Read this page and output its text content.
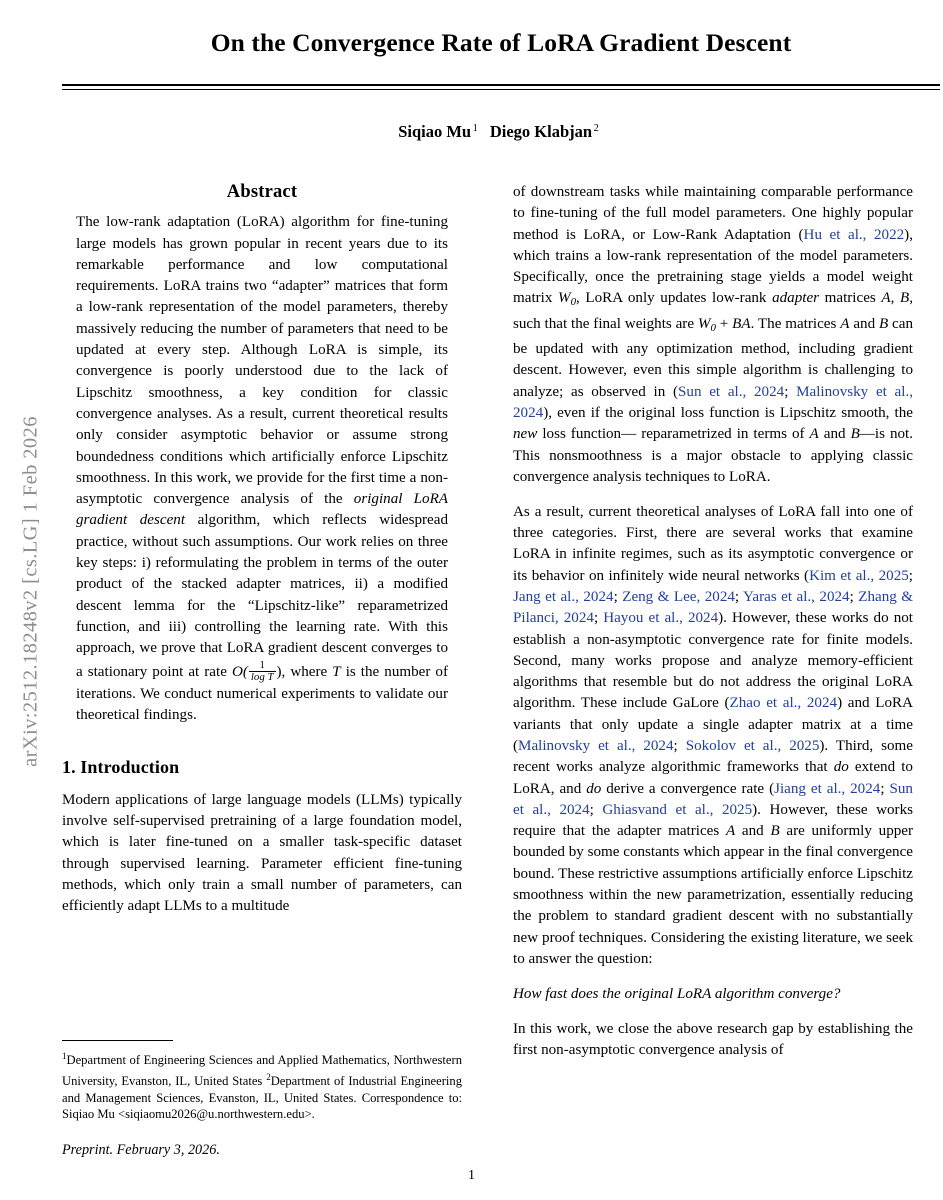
arXiv:2512.18248v2 [cs.LG] 1 Feb 2026
On the Convergence Rate of LoRA Gradient Descent
Siqiao Mu $^1$ Diego Klabjan $^2$
Abstract

The low-rank adaptation (LoRA) algorithm for fine-tuning large models has grown popular in recent years due to its remarkable performance and low computational requirements. LoRA trains two “adapter” matrices that form a low-rank representation of the model parameters, thereby massively reducing the number of parameters that need to be updated at every step. Although LoRA is simple, its convergence is poorly understood due to the lack of Lipschitz smoothness, a key condition for classic convergence analyses. As a result, current theoretical results only consider asymptotic behavior or assume strong boundedness conditions which artificially enforce Lipschitz smoothness. In this work, we provide for the first time a non-asymptotic convergence analysis of the original LoRA gradient descent algorithm, which reflects widespread practice, without such assumptions. Our work relies on three key steps: i) reformulating the problem in terms of the outer product of the stacked adapter matrices, ii) a modified descent lemma for the “Lipschitz-like” reparametrized function, and iii) controlling the learning rate. With this approach, we prove that LoRA gradient descent converges to a stationary point at rate $O( \frac{1}{\text{log T}}$ ), where T is the number of iterations. We conduct numerical experiments to validate our theoretical findings.

1. Introduction

Modern applications of large language models (LLMs) typically involve self-supervised pretraining of a large foundation model, which is later fine-tuned on a smaller task-specific dataset through supervised learning. Parameter efficient fine-tuning methods, which only train a small number of parameters, can efficiently adapt LLMs to a multitude

$^1$Department of Engineering Sciences and Applied Mathematics, Northwestern University, Evanston, IL, United States $^2$Department of Industrial Engineering and Management Sciences, Evanston, IL, United States. Correspondence to: Siqiao Mu <siqiaomu2026@u.northwestern.edu>.

Preprint. February 3, 2026.

of downstream tasks while maintaining comparable performance to fine-tuning of the full model parameters. One highly popular method is LoRA, or Low-Rank Adaptation (Hu et al., 2022), which trains a low-rank representation of the model parameters. Specifically, once the pretraining stage yields a model weight matrix $W_0$, LoRA only updates low-rank adapter matrices A, B, such that the final weights are $W_0$ + BA. The matrices A and B can be updated with any optimization method, including gradient descent. However, even this simple algorithm is challenging to analyze; as observed in (Sun et al., 2024; Malinovsky et al., 2024), even if the original loss function is Lipschitz smooth, the new loss function— reparametrized in terms of A and B—is not. This nonsmoothness is a major obstacle to applying classic convergence analysis techniques to LoRA.

As a result, current theoretical analyses of LoRA fall into one of three categories. First, there are several works that examine LoRA in infinite regimes, such as its asymptotic convergence or its behavior on infinitely wide neural networks (Kim et al., 2025; Jang et al., 2024; Zeng & Lee, 2024; Yaras et al., 2024; Zhang & Pilanci, 2024; Hayou et al., 2024). However, these works do not establish a non-asymptotic convergence rate for finite models. Second, many works propose and analyze memory-efficient algorithms that resemble but do not address the original LoRA algorithm. These include GaLore (Zhao et al., 2024) and LoRA variants that only update a single adapter matrix at a time (Malinovsky et al., 2024; Sokolov et al., 2025). Third, some recent works analyze algorithmic frameworks that do extend to LoRA, and do derive a convergence rate (Jiang et al., 2024; Sun et al., 2024; Ghiasvand et al., 2025). However, these works require that the adapter matrices A and B are uniformly upper bounded by some constants which appear in the final convergence bound. These restrictive assumptions artificially enforce Lipschitz smoothness within the new parametrization, essentially reducing the problem to standard gradient descent with no substantially new proof techniques. Considering the existing literature, we seek to answer the question:

How fast does the original LoRA algorithm converge?

In this work, we close the above research gap by establishing the first non-asymptotic convergence analysis of

1
